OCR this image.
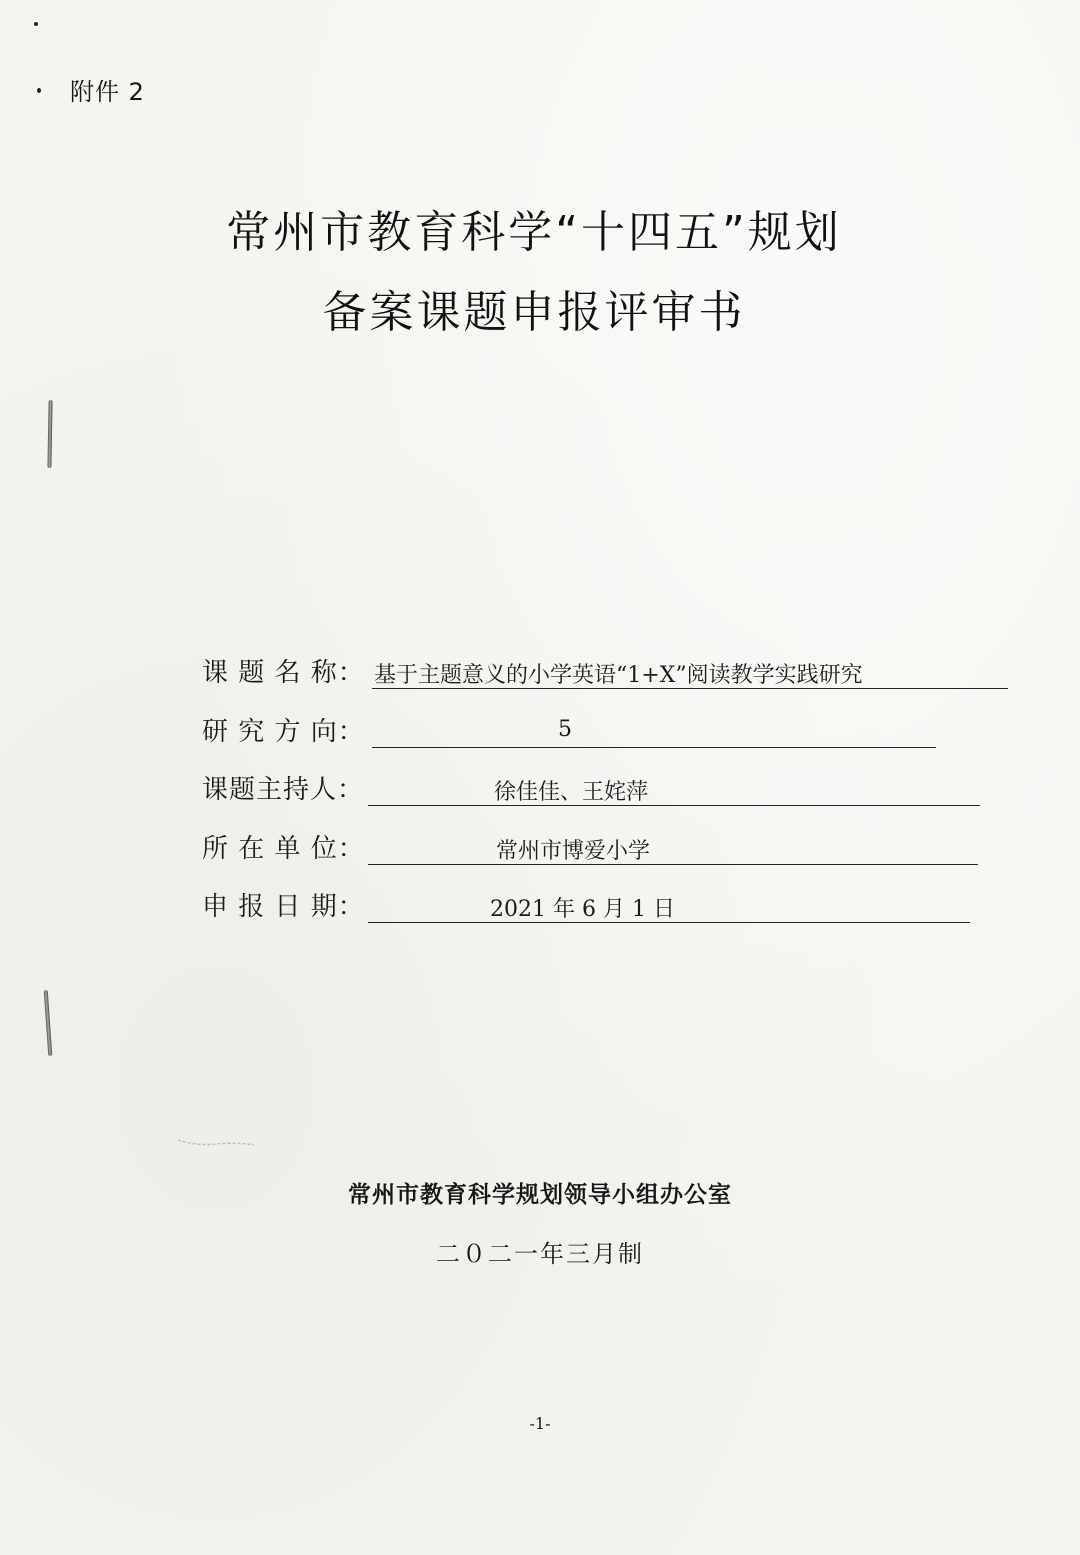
附件 2
常州市教育科学“十四五”规划
备案课题申报评审书
课 题 名 称： 基于主题意义的小学英语“1+X”阅读教学实践研究
研 究 方 向：	5
课题主持人：	徐佳佳、王姹萍
所 在 单 位：	常州市博爱小学
申 报 日 期：	2021 年 6 月 1 日
常州市教育科学规划领导小组办公室
二０二一年三月制
-1-
